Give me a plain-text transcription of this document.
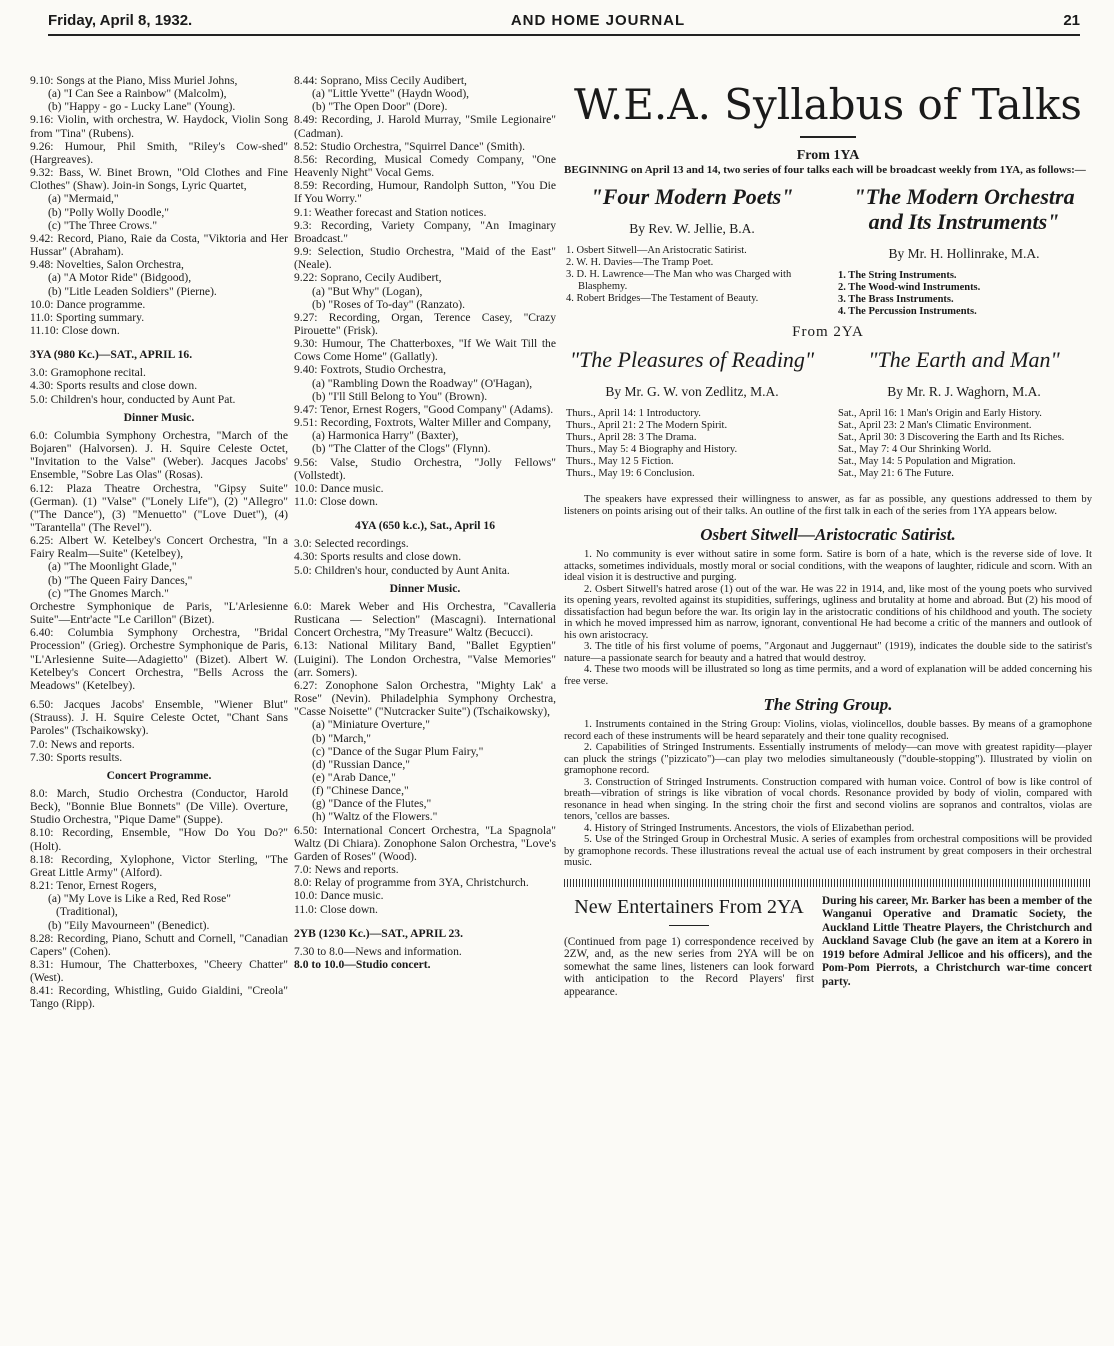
Friday, April 8, 1932.	AND HOME JOURNAL	21

9.10: Songs at the Piano, Miss Muriel Johns,

(a) "I Can See a Rainbow" (Malcolm),

(b) "Happy - go - Lucky Lane" (Young).

9.16: Violin, with orchestra, W. Haydock, Violin Song from "Tina" (Rubens).

9.26: Humour, Phil Smith, "Riley's Cow-shed" (Hargreaves).

9.32: Bass, W. Binet Brown, "Old Clothes and Fine Clothes" (Shaw). Join-in Songs, Lyric Quartet,

(a) "Mermaid,"

(b) "Polly Wolly Doodle,"

(c) "The Three Crows."

9.42: Record, Piano, Raie da Costa, "Viktoria and Her Hussar" (Abraham).

9.48: Novelties, Salon Orchestra,

(a) "A Motor Ride" (Bidgood),

(b) "Litle Leaden Soldiers" (Pierne).

10.0: Dance programme.

11.0: Sporting summary.

11.10: Close down.

3YA (980 Kc.)—SAT., APRIL 16.

3.0: Gramophone recital.

4.30: Sports results and close down.

5.0: Children's hour, conducted by Aunt Pat.

Dinner Music.

6.0: Columbia Symphony Orchestra, "March of the Bojaren" (Halvorsen). J. H. Squire Celeste Octet, "Invitation to the Valse" (Weber). Jacques Jacobs' Ensemble, "Sobre Las Olas" (Rosas).

6.12: Plaza Theatre Orchestra, "Gipsy Suite" (German). (1) "Valse" ("Lonely Life"), (2) "Allegro" ("The Dance"), (3) "Menuetto" ("Love Duet"), (4) "Tarantella" (The Revel").

6.25: Albert W. Ketelbey's Concert Orchestra, "In a Fairy Realm—Suite" (Ketelbey),

(a) "The Moonlight Glade,"

(b) "The Queen Fairy Dances,"

(c) "The Gnomes March."

Orchestre Symphonique de Paris, "L'Arlesienne Suite"—Entr'acte "Le Carillon" (Bizet).

6.40: Columbia Symphony Orchestra, "Bridal Procession" (Grieg). Orchestre Symphonique de Paris, "L'Arlesienne Suite—Adagietto" (Bizet). Albert W. Ketelbey's Concert Orchestra, "Bells Across the Meadows" (Ketelbey).

6.50: Jacques Jacobs' Ensemble, "Wiener Blut" (Strauss). J. H. Squire Celeste Octet, "Chant Sans Paroles" (Tschaikowsky).

7.0: News and reports.

7.30: Sports results.

Concert Programme.

8.0: March, Studio Orchestra (Conductor, Harold Beck), "Bonnie Blue Bonnets" (De Ville). Overture, Studio Orchestra, "Pique Dame" (Suppe).

8.10: Recording, Ensemble, "How Do You Do?" (Holt).

8.18: Recording, Xylophone, Victor Sterling, "The Great Little Army" (Alford).

8.21: Tenor, Ernest Rogers,

(a) "My Love is Like a Red, Red Rose" (Traditional),

(b) "Eily Mavourneen" (Benedict).

8.28: Recording, Piano, Schutt and Cornell, "Canadian Capers" (Cohen).

8.31: Humour, The Chatterboxes, "Cheery Chatter" (West).

8.41: Recording, Whistling, Guido Gialdini, "Creola" Tango (Ripp).

8.44: Soprano, Miss Cecily Audibert,

(a) "Little Yvette" (Haydn Wood),

(b) "The Open Door" (Dore).

8.49: Recording, J. Harold Murray, "Smile Legionaire" (Cadman).

8.52: Studio Orchestra, "Squirrel Dance" (Smith).

8.56: Recording, Musical Comedy Company, "One Heavenly Night" Vocal Gems.

8.59: Recording, Humour, Randolph Sutton, "You Die If You Worry."

9.1: Weather forecast and Station notices.

9.3: Recording, Variety Company, "An Imaginary Broadcast."

9.9: Selection, Studio Orchestra, "Maid of the East" (Neale).

9.22: Soprano, Cecily Audibert,

(a) "But Why" (Logan),

(b) "Roses of To-day" (Ranzato).

9.27: Recording, Organ, Terence Casey, "Crazy Pirouette" (Frisk).

9.30: Humour, The Chatterboxes, "If We Wait Till the Cows Come Home" (Gallatly).

9.40: Foxtrots, Studio Orchestra,

(a) "Rambling Down the Roadway" (O'Hagan),

(b) "I'll Still Belong to You" (Brown).

9.47: Tenor, Ernest Rogers, "Good Company" (Adams).

9.51: Recording, Foxtrots, Walter Miller and Company,

(a) Harmonica Harry" (Baxter),

(b) "The Clatter of the Clogs" (Flynn).

9.56: Valse, Studio Orchestra, "Jolly Fellows" (Vollstedt).

10.0: Dance music.

11.0: Close down.

4YA (650 k.c.), Sat., April 16

3.0: Selected recordings.

4.30: Sports results and close down.

5.0: Children's hour, conducted by Aunt Anita.

Dinner Music.

6.0: Marek Weber and His Orchestra, "Cavalleria Rusticana — Selection" (Mascagni). International Concert Orchestra, "My Treasure" Waltz (Becucci).

6.13: National Military Band, "Ballet Egyptien" (Luigini). The London Orchestra, "Valse Memories" (arr. Somers).

6.27: Zonophone Salon Orchestra, "Mighty Lak' a Rose" (Nevin). Philadelphia Symphony Orchestra, "Casse Noisette" ("Nutcracker Suite") (Tschaikowsky),

(a) "Miniature Overture,"

(b) "March,"

(c) "Dance of the Sugar Plum Fairy,"

(d) "Russian Dance,"

(e) "Arab Dance,"

(f) "Chinese Dance,"

(g) "Dance of the Flutes,"

(h) "Waltz of the Flowers."

6.50: International Concert Orchestra, "La Spagnola" Waltz (Di Chiara). Zonophone Salon Orchestra, "Love's Garden of Roses" (Wood).

7.0: News and reports.

8.0: Relay of programme from 3YA, Christchurch.

10.0: Dance music.

11.0: Close down.

2YB (1230 Kc.)—SAT., APRIL 23.

7.30 to 8.0—News and information.

8.0 to 10.0—Studio concert.

W.E.A. Syllabus of Talks
From 1YA
BEGINNING on April 13 and 14, two series of four talks each will be broadcast weekly from 1YA, as follows:—
"Four Modern Poets"
By Rev. W. Jellie, B.A.
1. Osbert Sitwell—An Aristocratic Satirist.
2. W. H. Davies—The Tramp Poet.
3. D. H. Lawrence—The Man who was Charged with Blasphemy.
4. Robert Bridges—The Testament of Beauty.
"The Modern Orchestra and Its Instruments"
By Mr. H. Hollinrake, M.A.
1. The String Instruments.
2. The Wood-wind Instruments.
3. The Brass Instruments.
4. The Percussion Instruments.
From 2YA
"The Pleasures of Reading"
By Mr. G. W. von Zedlitz, M.A.
Thurs., April 14: 1 Introductory.
Thurs., April 21: 2 The Modern Spirit.
Thurs., April 28: 3 The Drama.
Thurs., May 5: 4 Biography and History.
Thurs., May 12 5 Fiction.
Thurs., May 19: 6 Conclusion.
"The Earth and Man"
By Mr. R. J. Waghorn, M.A.
Sat., April 16: 1 Man's Origin and Early History.
Sat., April 23: 2 Man's Climatic Environment.
Sat., April 30: 3 Discovering the Earth and Its Riches.
Sat., May 7: 4 Our Shrinking World.
Sat., May 14: 5 Population and Migration.
Sat., May 21: 6 The Future.
The speakers have expressed their willingness to answer, as far as possible, any questions addressed to them by listeners on points arising out of their talks. An outline of the first talk in each of the series from 1YA appears below.
Osbert Sitwell—Aristocratic Satirist.
1. No community is ever without satire in some form. Satire is born of a hate, which is the reverse side of love. It attacks, sometimes individuals, mostly moral or social conditions, with the weapons of laughter, ridicule and scorn. With an ideal vision it is destructive and purging.
2. Osbert Sitwell's hatred arose (1) out of the war. He was 22 in 1914, and, like most of the young poets who survived its opening years, revolted against its stupidities, sufferings, ugliness and brutality at home and abroad. But (2) his mood of dissatisfaction had begun before the war. Its origin lay in the aristocratic conditions of his childhood and youth. The society in which he moved impressed him as narrow, ignorant, conventional He had become a critic of the manners and outlook of his own aristocracy.
3. The title of his first volume of poems, "Argonaut and Juggernaut" (1919), indicates the double side to the satirist's nature—a passionate search for beauty and a hatred that would destroy.
4. These two moods will be illustrated so long as time permits, and a word of explanation will be added concerning his free verse.
The String Group.
1. Instruments contained in the String Group: Violins, violas, violincellos, double basses. By means of a gramophone record each of these instruments will be heard separately and their tone quality recognised.
2. Capabilities of Stringed Instruments. Essentially instruments of melody—can move with greatest rapidity—player can pluck the strings ("pizzicato")—can play two melodies simultaneously ("double-stopping"). Illustrated by violin on gramophone record.
3. Construction of Stringed Instruments. Construction compared with human voice. Control of bow is like control of breath—vibration of strings is like vibration of vocal chords. Resonance provided by body of violin, compared with resonance in head when singing. In the string choir the first and second violins are sopranos and contraltos, violas are tenors, 'cellos are basses.
4. History of Stringed Instruments. Ancestors, the viols of Elizabethan period.
5. Use of the Stringed Group in Orchestral Music. A series of examples from orchestral compositions will be provided by gramophone records. These illustrations reveal the actual use of each instrument by great composers in their orchestral music.
New Entertainers From 2YA
(Continued from page 1) correspondence received by 2ZW, and, as the new series from 2YA will be on somewhat the same lines, listeners can look forward with anticipation to the Record Players' first appearance.
During his career, Mr. Barker has been a member of the Wanganui Operative and Dramatic Society, the Auckland Little Theatre Players, the Christchurch and Auckland Savage Club (he gave an item at a Korero in 1919 before Admiral Jellicoe and his officers), and the Pom-Pom Pierrots, a Christchurch war-time concert party.
